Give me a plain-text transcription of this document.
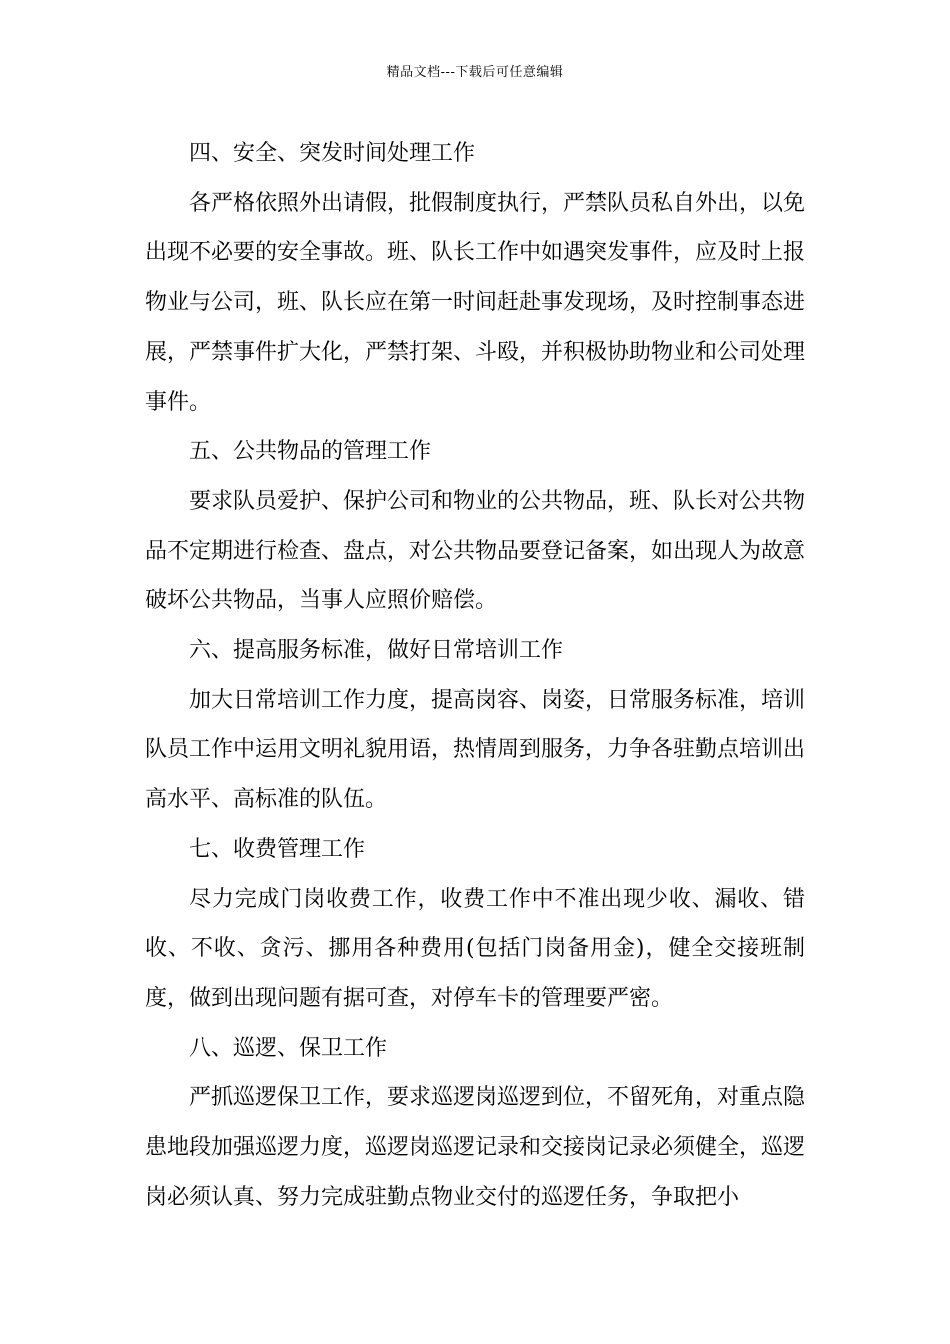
精品文档---下载后可任意编辑

四、安全、突发时间处理工作

各严格依照外出请假，批假制度执行，严禁队员私自外出，以免出现不必要的安全事故。班、队长工作中如遇突发事件，应及时上报物业与公司，班、队长应在第一时间赶赴事发现场，及时控制事态进展，严禁事件扩大化，严禁打架、斗殴，并积极协助物业和公司处理事件。

五、公共物品的管理工作

要求队员爱护、保护公司和物业的公共物品，班、队长对公共物品不定期进行检查、盘点，对公共物品要登记备案，如出现人为故意破坏公共物品，当事人应照价赔偿。

六、提高服务标准，做好日常培训工作

加大日常培训工作力度，提高岗容、岗姿，日常服务标准，培训队员工作中运用文明礼貌用语，热情周到服务，力争各驻勤点培训出高水平、高标准的队伍。

七、收费管理工作

尽力完成门岗收费工作，收费工作中不准出现少收、漏收、错收、不收、贪污、挪用各种费用(包括门岗备用金)，健全交接班制度，做到出现问题有据可查，对停车卡的管理要严密。

八、巡逻、保卫工作

严抓巡逻保卫工作，要求巡逻岗巡逻到位，不留死角，对重点隐患地段加强巡逻力度，巡逻岗巡逻记录和交接岗记录必须健全，巡逻岗必须认真、努力完成驻勤点物业交付的巡逻任务，争取把小
